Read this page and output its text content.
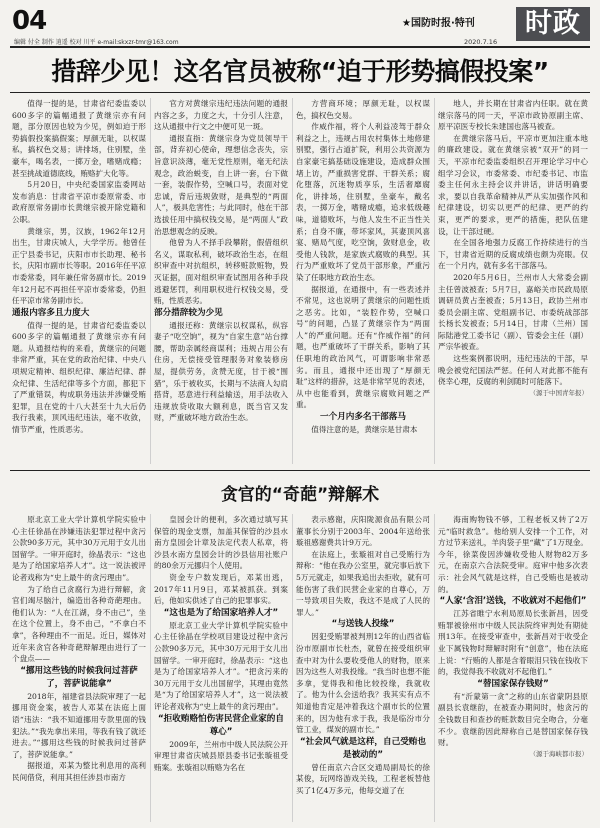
04
编辑 付全 制作 逍遥 校对 川平 e-mail:skxzr-tmr@163.com
★国防时报·特刊
2020.7.16
时政
措辞少见！这名官员被称“迫于形势搞假投案”

值得一提的是，甘肃省纪委监委以600多字的篇幅通报了黄继宗亦有问题，部分原因也较为少见，例如迫于形势搞假投案搞假案；厚颜无耻，以权谋私，搞权色交易；讲排场，住别墅，坐豪车，喝名表，一掷万金，嗜赌成瘾；甚至挑战道德底线，贿赂扩大化等。

5月20日，中央纪委国家监委网站发布消息：甘肃省平凉市委原常委、市政府原常务副市长黄继宗被开除党籍和公职。

黄继宗，男，汉族，1962年12月出生，甘肃庆城人，大学学历。他曾任正宁县委书记，庆阳市市长助理、秘书长，庆阳市副市长等职。2016年任平凉市委常委，同年兼任常务副市长。2019年12月起不再担任平凉市委常委，仍担任平凉市常务副市长。

通报内容多且力度大

值得一提的是，甘肃省纪委监委以600多字的篇幅通报了黄继宗亦有问题。从通报结构的来看，黄继宗的问题非常严重，其在党的政治纪律、中央八项规定精神、组织纪律、廉洁纪律、群众纪律、生活纪律等多个方面，都犯下了严重错误，构成职务违法并涉嫌受贿犯罪，且在党的十八大甚至十九大后仍我行我素，顶风违纪违法，毫不收敛，情节严重，性质恶劣。

官方对黄继宗违纪违法问题的通报内容之多，力度之大，十分引人注意，这从通报中行文之中便可见一斑。

通报直指：黄继宗身为党员领导干部，背弃初心使命，理想信念丧失，宗旨意识淡薄，毫无党性原则，毫无纪法观念，政治蜕变，自上讲一套，台下做一套，装假作势，空喊口号，表面对党忠诚，背后违规敛财，是典型的“两面人”，极具危害性；与此同时，他在干部选拔任用中搞权钱交易，是“两面人”政治思想观念的反映。

他曾为人不择手段攀附，假借组织名义，谋取私利，破坏政治生态，在组织审查中对抗组织，转移赃款赃物，毁灭证据，面对组织审查试图用各种手段逃避惩罚，利用职权进行权钱交易，受贿，性质恶劣。

部分措辞较为少见

通报还称：黄继宗以权谋私，纵容妻子“吃空饷”，视为“自家生意”站台撑腰，帮助亲属经商谋利；违规占用公有住房，无偿接受管理服务对象装修房屋，提供劳务，贪赞无度，甘于被“围猎”，乐于被收买，长期与不法商人勾肩搭背，恶意进行利益输送，用手法收入违规放贷收取大额利息，既当官又发财，严重破坏地方政治生态。

方营商环境；厚颜无耻，以权谋色，搞权色交易。

作威作福，将个人利益凌驾于群众利益之上，违规占用农村集体土地修建别墅，强行占道扩院，利用公共资源为自家豪宅搞基础设施建设，造成群众围堵上访，严重损害党群、干群关系；腐化堕落，沉迷物质享乐，生活奢靡腐化，讲排场，住别墅，坐豪车，戴名表，一掷万金，嗜赌成瘾，追求低级趣味，道德败坏，与他人发生不正当性关系；自身不廉，带坏家风，其妻顶风喜宴、赌局气度，吃空饷，敛财息金，收受他人钱款，是家族式腐败的典型。其行为严重败坏了党员干部形象，严重污染了任职地方政治生态。

据报道，在通报中，有一些表述并不常见，这也说明了黄继宗的问题性质之恶劣。比如，“装腔作势，空喊口号”的问题，凸显了黄继宗作为“两面人”的严重问题。还有“作威作福”的问题，也严重破坏了干群关系，影响了其任职地的政治风气，可谓影响非常恶劣。而且，通报中还出现了“厚颜无耻”这样的措辞，这是非常罕见的表述，从中也能看到，黄继宗腐败问题之严重。

一个月内多名干部落马

值得注意的是，黄继宗是甘肃本

地人，并长期在甘肃省内任职。就在黄继宗落马的同一天，平凉市政协原副主席、原平凉医专校长朱建国也落马被查。

在黄继宗落马后，平凉市更加注重本地的廉政建设。就在黄继宗被“双开”的同一天，平凉市纪委监委组织召开理论学习中心组学习会议，市委常委、市纪委书记、市监委主任何永主持会议并讲话，讲话明确要求，要以自我革命精神从严从实加强作风和纪律建设，切实以更严的纪律、更严的约束，更严的要求，更严的措施，把队伍建设，让干部过硬。

在全国各地强力反腐工作持续进行的当下，甘肃省近期的反腐成绩也颇为亮眼。仅在一个月内，就有多名干部落马。

2020年5月6日，兰州市人大常委会副主任曾波被查；5月7日，嘉峪关市民政局原调研员黄占奎被查；5月13日，政协兰州市委员会副主席、党组副书记、市委统战部部长杨长发被查；5月14日，甘肃（兰州）国际陆港党工委书记（副）、管委会主任（副）严宗华被查。

这些案例都说明，违纪违法的干部，早晚会被党纪国法严惩。任何人对此都不能有侥幸心理，反腐的利剑随时可能落下。

（源于中国青年报）

贪官的“奇葩”辩解术

原北京工业大学计算机学院实验中心主任徐晶在涉嫌违法犯罪过程中贪污公款90多万元，其中30万元用于女儿出国留学。一审开庭时，徐晶表示：“这也是为了给国家培养人才”。这一说法被评论者戏称为“史上最牛的贪污理由”。

为了给自己贪腐行为进行辩解，贪官们竭尽脑汁，编造出各种奇葩理由。他们认为：“人在江湖，身不由己”，坐在这个位置上，身不由己，“不拿白不拿”，各种理由不一而足。近日，媒体对近年来贪官各种奇葩辩解理由进行了一个盘点——

“挪用这些钱的时候我问过菩萨了，菩萨说能拿”

2018年，福建省县法院审理了一起挪用资金案，被告人邓某在法庭上面语“违法：“我不知道挪用专款里面的钱犯法。”“我先拿出来用，等我有钱了就还进去。”“挪用这些钱的时候我问过菩萨了，菩萨说能拿。”

据报道，邓某为整比利息用的高利民间借贷，利用其担任涉县市南方

皇园会计的便利，多次通过填写其保管的现金支票，加盖其保管的沙县水南方皇园会计章及法定代表人私章，将沙县水南方皇园会计的沙县信用社账户的80余万元挪归个人使用。

资金专户数发现后，邓某出逃，2017年11月9日，邓某被抓获。到案后，他如实供述了自己的犯罪事实。

“这也是为了给国家培养人才”

原北京工业大学计算机学院实验中心主任徐晶在学校项目建设过程中贪污公款90多万元，其中30万元用于女儿出国留学。一审开庭时，徐晶表示：“这也是为了给国家培养人才”。“把贪污来的30万元用于女儿出国留学，其理由竟然是“为了给国家培养人才”，这一说法被评论者戏称为“史上最牛的贪污理由”。

“拒收贿赂怕伤害民营企业家的自尊心”

2009年，兰州市中级人民法院公开审理甘肃省庆城县原县委书记张璇祖受贿案。张璇祖以贿赂为名在

表示感谢，庆阳陇源食品有限公司董事长分别于2003年、2004年送给张璇祖感谢费共计9万元。

在法庭上，张璇祖对自己受贿行为辩称：“他在我办公室里，就完事后放下5万元就走，如果我追出去拒收，就有可能伤害了我们民营企业家的自尊心，万一导致项目失败，我这不是成了人民的罪人。”

“与送钱人投缘”

因犯受贿罪被判刑12年的山西省临汾市原副市长杜杰，就曾在接受组织审查中对为什么要收受他人的财物，原来因为这些人对我投缘。“我当时也想不能多拿，觉得我和他比较投缘，我就收了。他为什么会送给我？我其实有点不知道他肯定是冲着我这个副市长的位置来的，因为他有求于我，我是临汾市分管工业，煤炭的副市长。”

“社会风气就是这样，自己受贿也是被动的”

曾任南京六合区交通局副局长的徐某俊，玩网络游戏关钱，工程老板替他买了1亿4万多元，他每交道了在

海南购物钱不够，工程老板又转了2万元“临时救急”。他给别人安排一个工作，对方过节来送礼，羊肉袋子里“藏”了1万现金。今年，徐菜俊因涉嫌收受他人财物82万多元，在南京六合法院受审。庭审中他多次表示：社会风气就是这样，自己受贿也是被动的。

“人家‘含泪’送钱，不收就对不起他们”

江苏省睢宁水利局原局长张新昌，因受贿罪被徐州市中级人民法院终审判处有期徒刑13年。在接受审查中，张新昌对于收受企业下属钱物时辩解时附有“创意”，他在法庭上说：“行贿的人都是含着眼泪只钱在钱收下的，我觉得我不收就对不起他们。”

“替国家保存钱财”

有“沂蒙第一贪”之称的山东省蒙阴县原副县长袁继韵，在被查办期间时，他贪污的全钱数目和查抄的赃款数目完全吻合，分毫不少。袁继韵因此辩称自己是替国家保存钱财。

（源于海峡都市报）
